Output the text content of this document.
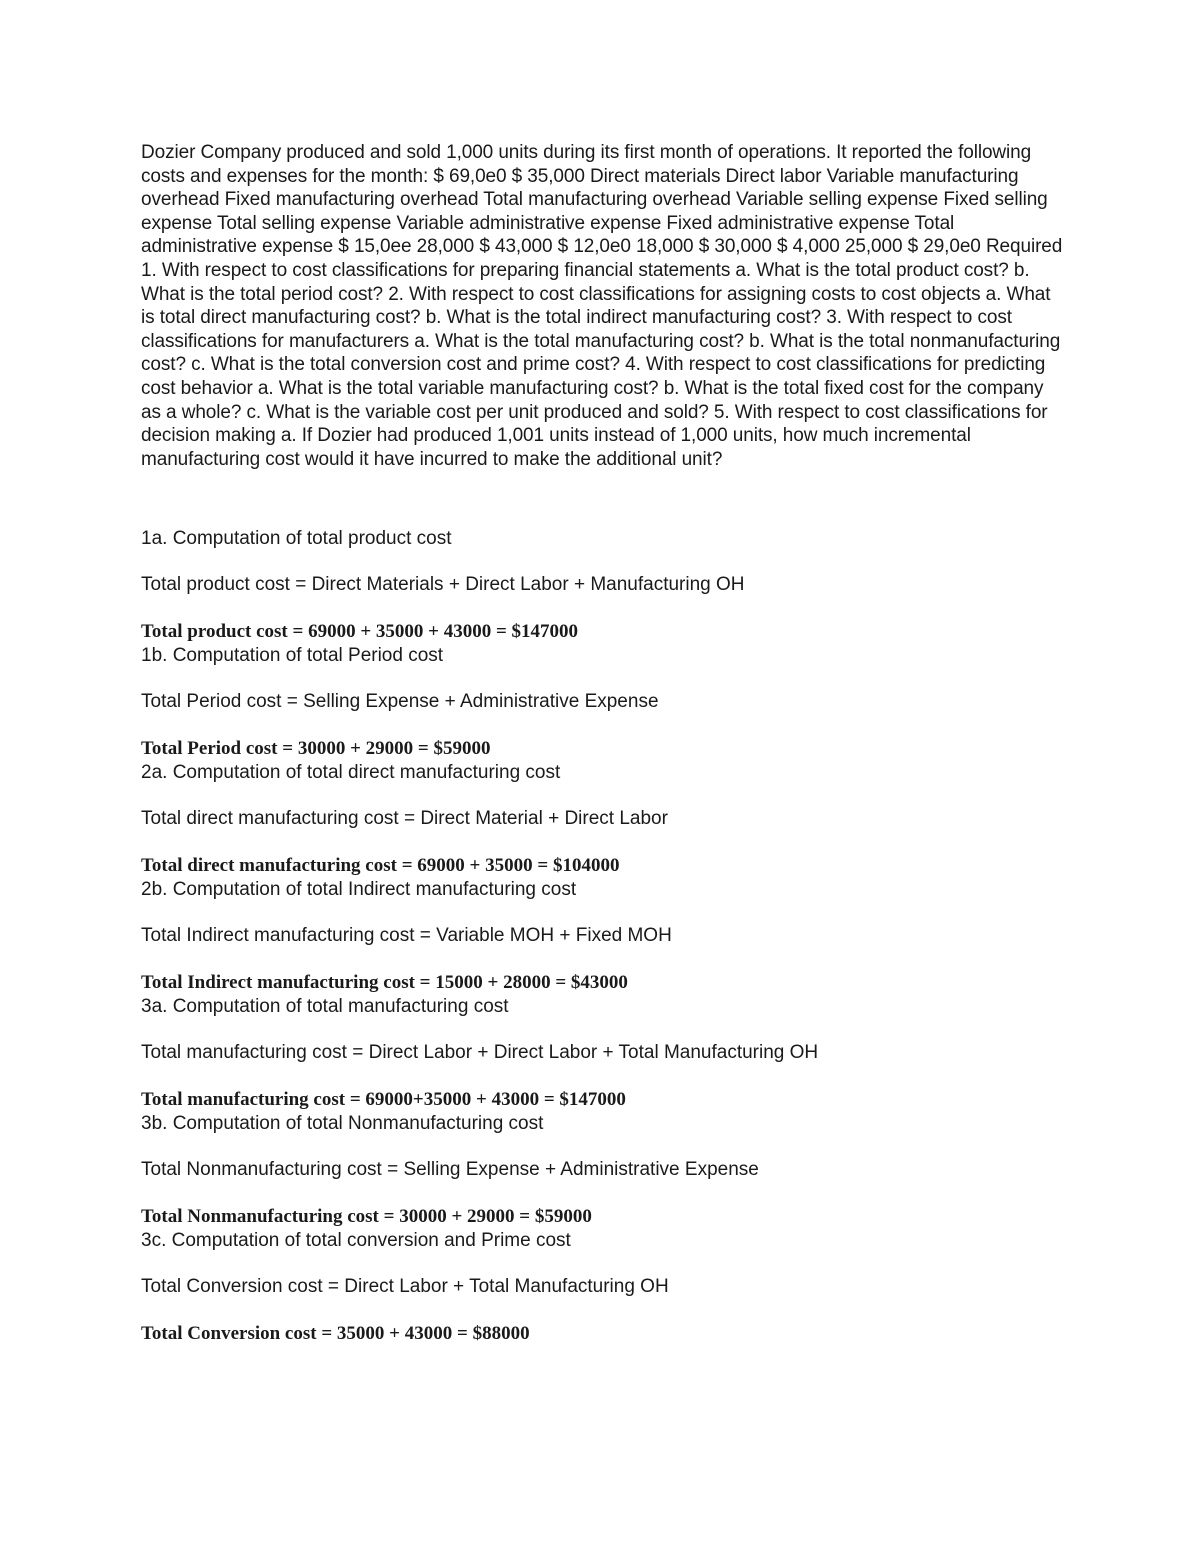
Dozier Company produced and sold 1,000 units during its first month of operations. It reported the following costs and expenses for the month: $ 69,0e0 $ 35,000 Direct materials Direct labor Variable manufacturing overhead Fixed manufacturing overhead Total manufacturing overhead Variable selling expense Fixed selling expense Total selling expense Variable administrative expense Fixed administrative expense Total administrative expense $ 15,0ee 28,000 $ 43,000 $ 12,0e0 18,000 $ 30,000 $ 4,000 25,000 $ 29,0e0 Required 1. With respect to cost classifications for preparing financial statements a. What is the total product cost? b. What is the total period cost? 2. With respect to cost classifications for assigning costs to cost objects a. What is total direct manufacturing cost? b. What is the total indirect manufacturing cost? 3. With respect to cost classifications for manufacturers a. What is the total manufacturing cost? b. What is the total nonmanufacturing cost? c. What is the total conversion cost and prime cost? 4. With respect to cost classifications for predicting cost behavior a. What is the total variable manufacturing cost? b. What is the total fixed cost for the company as a whole? c. What is the variable cost per unit produced and sold? 5. With respect to cost classifications for decision making a. If Dozier had produced 1,001 units instead of 1,000 units, how much incremental manufacturing cost would it have incurred to make the additional unit?

1a. Computation of total product cost

Total product cost = Direct Materials + Direct Labor + Manufacturing OH

Total product cost = 69000 + 35000 + 43000 = $147000

1b. Computation of total Period cost

Total Period cost = Selling Expense + Administrative Expense

Total Period cost = 30000 + 29000 = $59000

2a. Computation of total direct manufacturing cost

Total direct manufacturing cost = Direct Material + Direct Labor

Total direct manufacturing cost = 69000 + 35000 = $104000

2b. Computation of total Indirect manufacturing cost

Total Indirect manufacturing cost = Variable MOH + Fixed MOH

Total Indirect manufacturing cost = 15000 + 28000 = $43000

3a. Computation of total manufacturing cost

Total manufacturing cost = Direct Labor + Direct Labor + Total Manufacturing OH

Total manufacturing cost = 69000+35000 + 43000 = $147000

3b. Computation of total Nonmanufacturing cost

Total Nonmanufacturing cost = Selling Expense + Administrative Expense

Total Nonmanufacturing cost = 30000 + 29000 = $59000

3c. Computation of total conversion and Prime cost

Total Conversion cost = Direct Labor + Total Manufacturing OH

Total Conversion cost = 35000 + 43000 = $88000
